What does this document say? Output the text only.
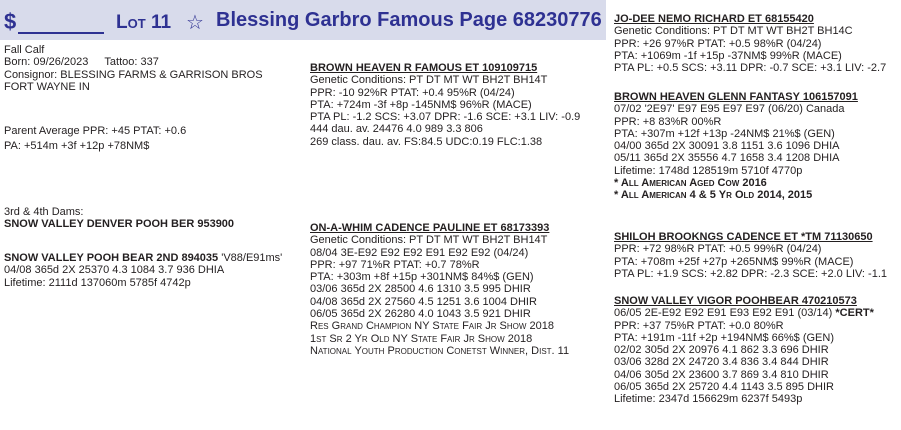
$	Lot 11 ☆ Blessing Garbro Famous Page 68230776
Fall Calf
Born: 09/26/2023 Tattoo: 337
Consignor: BLESSING FARMS & GARRISON BROS
FORT WAYNE IN
Parent Average PPR: +45 PTAT: +0.6
PA: +514m +3f +12p +78NM$
3rd & 4th Dams:
SNOW VALLEY DENVER POOH BER 953900
SNOW VALLEY POOH BEAR 2ND 894035 'V88/E91ms'
04/08 365d 2X 25370 4.3 1084 3.7 936 DHIA
Lifetime: 2111d 137060m 5785f 4742p
BROWN HEAVEN R FAMOUS ET 109109715
Genetic Conditions: PT DT MT WT BH2T BH14T
PPR: -10 92%R PTAT: +0.4 95%R (04/24)
PTA: +724m -3f +8p -145NM$ 96%R (MACE)
PTA PL: -1.2 SCS: +3.07 DPR: -1.6 SCE: +3.1 LIV: -0.9
444 dau. av. 24476 4.0 989 3.3 806
269 class. dau. av. FS:84.5 UDC:0.19 FLC:1.38
ON-A-WHIM CADENCE PAULINE ET 68173393
Genetic Conditions: PT DT MT WT BH2T BH14T
08/04 3E-E92 E92 E92 E91 E92 E92 (04/24)
PPR: +97 71%R PTAT: +0.7 78%R
PTA: +303m +8f +15p +301NM$ 84%$ (GEN)
03/06 365d 2X 28500 4.6 1310 3.5 995 DHIR
04/08 365d 2X 27560 4.5 1251 3.6 1004 DHIR
06/05 365d 2X 26280 4.0 1043 3.5 921 DHIR
Res Grand Champion NY State Fair Jr Show 2018
1st Sr 2 Yr Old NY State Fair Jr Show 2018
National Youth Production Conetst Winner, Dist. 11
JO-DEE NEMO RICHARD ET 68155420
Genetic Conditions: PT DT MT WT BH2T BH14C
PPR: +26 97%R PTAT: +0.5 98%R (04/24)
PTA: +1069m -1f +15p -37NM$ 99%R (MACE)
PTA PL: +0.5 SCS: +3.11 DPR: -0.7 SCE: +3.1 LIV: -2.7
BROWN HEAVEN GLENN FANTASY 106157091
07/02 '2E97' E97 E95 E97 E97 (06/20) Canada
PPR: +8 83%R 00%R
PTA: +307m +12f +13p -24NM$ 21%$ (GEN)
04/00 365d 2X 30091 3.8 1151 3.6 1096 DHIA
05/11 365d 2X 35556 4.7 1658 3.4 1208 DHIA
Lifetime: 1748d 128519m 5710f 4770p
* All American Aged Cow 2016
* All American 4 & 5 Yr Old 2014, 2015
SHILOH BROOKNGS CADENCE ET *TM 71130650
PPR: +72 98%R PTAT: +0.5 99%R (04/24)
PTA: +708m +25f +27p +265NM$ 99%R (MACE)
PTA PL: +1.9 SCS: +2.82 DPR: -2.3 SCE: +2.0 LIV: -1.1
SNOW VALLEY VIGOR POOHBEAR 470210573
06/05 2E-E92 E92 E91 E93 E92 E91 (03/14) *CERT*
PPR: +37 75%R PTAT: +0.0 80%R
PTA: +191m -11f +2p +194NM$ 66%$ (GEN)
02/02 305d 2X 20976 4.1 862 3.3 696 DHIR
03/06 328d 2X 24720 3.4 836 3.4 844 DHIR
04/06 305d 2X 23600 3.7 869 3.4 810 DHIR
06/05 365d 2X 25720 4.4 1143 3.5 895 DHIR
Lifetime: 2347d 156629m 6237f 5493p
